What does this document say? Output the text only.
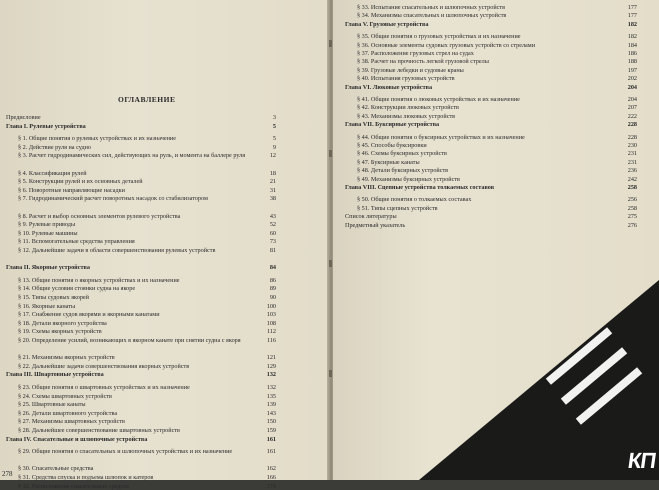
ОГЛАВЛЕНИЕ
Предисловие	3
Глава I. Рулевые устройства	5
§ 1. Общие понятия о рулевых устройствах и их назначение	5
§ 2. Действие руля на судно	9
§ 3. Расчет гидродинамических сил, действующих на руль, и момента на баллере руля	12
§ 4. Классификация рулей	18
§ 5. Конструкции рулей и их основных деталей	21
§ 6. Поворотные направляющие насадки	31
§ 7. Гидродинамический расчет поворотных насадок со стабилизатором	38
§ 8. Расчет и выбор основных элементов рулевого устройства	43
§ 9. Рулевые приводы	52
§ 10. Рулевые машины	60
§ 11. Вспомогательные средства управления	73
§ 12. Дальнейшие задачи в области совершенствования рулевых устройств	81
Глава II. Якорные устройства	84
§ 13. Общие понятия о якорных устройствах и их назначение	86
§ 14. Общие условия стоянки судна на якоре	89
§ 15. Типы судовых якорей	90
§ 16. Якорные канаты	100
§ 17. Снабжение судов якорями и якорными канатами	103
§ 18. Детали якорного устройства	108
§ 19. Схемы якорных устройств	112
§ 20. Определение усилий, возникающих в якорном канате при снятии судна с якоря	116
§ 21. Механизмы якорных устройств	121
§ 22. Дальнейшие задачи совершенствования якорных устройств	129
Глава III. Швартовные устройства	132
§ 23. Общие понятия о швартовных устройствах и их назначение	132
§ 24. Схемы швартовных устройств	135
§ 25. Швартовные канаты	139
§ 26. Детали швартовного устройства	143
§ 27. Механизмы швартовных устройств	150
§ 28. Дальнейшее совершенствование швартовных устройств	159
Глава IV. Спасательные и шлюпочные устройства	161
§ 29. Общие понятия о спасательных и шлюпочных устройствах и их назначение	161
§ 30. Спасательные средства	162
§ 31. Средства спуска и подъема шлюпок и катеров	166
§ 32. Расположение спасательных средств	174
278
§ 33. Испытание спасательных и шлюпочных устройств	177
§ 34. Механизмы спасательных и шлюпочных устройств	177
Глава V. Грузовые устройства	182
§ 35. Общие понятия о грузовых устройствах и их назначение	182
§ 36. Основные элементы судовых грузовых устройств со стрелами	184
§ 37. Расположение грузовых стрел на судах	186
§ 38. Расчет на прочность легкой грузовой стрелы	188
§ 39. Грузовые лебедки и судовые краны	197
§ 40. Испытания грузовых устройств	202
Глава VI. Люковые устройства	204
§ 41. Общие понятия о люковых устройствах и их назначение	204
§ 42. Конструкции люковых устройств	207
§ 43. Механизмы люковых устройств	222
Глава VII. Буксирные устройства	228
§ 44. Общие понятия о буксирных устройствах и их назначение	228
§ 45. Способы буксировки	230
§ 46. Схемы буксирных устройств	231
§ 47. Буксирные канаты	231
§ 48. Детали буксирных устройств	236
§ 49. Механизмы буксирных устройств	242
Глава VIII. Сцепные устройства толкаемых составов	258
§ 50. Общие понятия о толкаемых составах	256
§ 51. Типы сцепных устройств	258
Список литературы	275
Предметный указатель	276
КП
